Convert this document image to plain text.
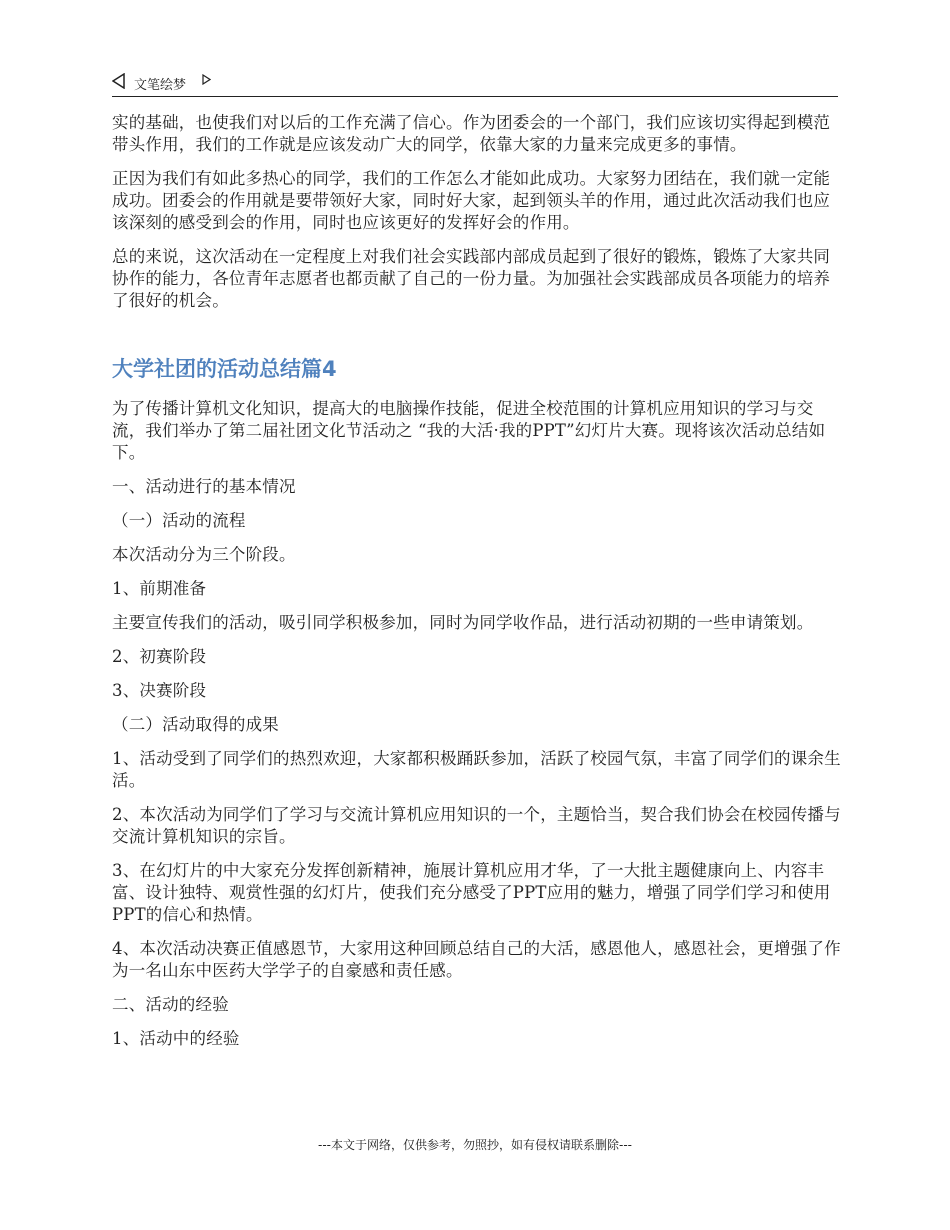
文笔绘梦

实的基础，也使我们对以后的工作充满了信心。作为团委会的一个部门，我们应该切实得起到模范带头作用，我们的工作就是应该发动广大的同学，依靠大家的力量来完成更多的事情。

正因为我们有如此多热心的同学，我们的工作怎么才能如此成功。大家努力团结在，我们就一定能成功。团委会的作用就是要带领好大家，同时好大家，起到领头羊的作用，通过此次活动我们也应该深刻的感受到会的作用，同时也应该更好的发挥好会的作用。

总的来说，这次活动在一定程度上对我们社会实践部内部成员起到了很好的锻炼，锻炼了大家共同协作的能力，各位青年志愿者也都贡献了自己的一份力量。为加强社会实践部成员各项能力的培养了很好的机会。

大学社团的活动总结篇4

为了传播计算机文化知识，提高大的电脑操作技能，促进全校范围的计算机应用知识的学习与交流，我们举办了第二届社团文化节活动之 “我的大活·我的PPT”幻灯片大赛。现将该次活动总结如下。

一、活动进行的基本情况

（一）活动的流程

本次活动分为三个阶段。

1、前期准备

主要宣传我们的活动，吸引同学积极参加，同时为同学收作品，进行活动初期的一些申请策划。

2、初赛阶段

3、决赛阶段

（二）活动取得的成果

1、活动受到了同学们的热烈欢迎，大家都积极踊跃参加，活跃了校园气氛，丰富了同学们的课余生活。

2、本次活动为同学们了学习与交流计算机应用知识的一个，主题恰当，契合我们协会在校园传播与交流计算机知识的宗旨。

3、在幻灯片的中大家充分发挥创新精神，施展计算机应用才华，了一大批主题健康向上、内容丰富、设计独特、观赏性强的幻灯片，使我们充分感受了PPT应用的魅力，增强了同学们学习和使用PPT的信心和热情。

4、本次活动决赛正值感恩节，大家用这种回顾总结自己的大活，感恩他人，感恩社会，更增强了作为一名山东中医药大学学子的自豪感和责任感。

二、活动的经验

1、活动中的经验

---本文于网络，仅供参考，勿照抄，如有侵权请联系删除---
